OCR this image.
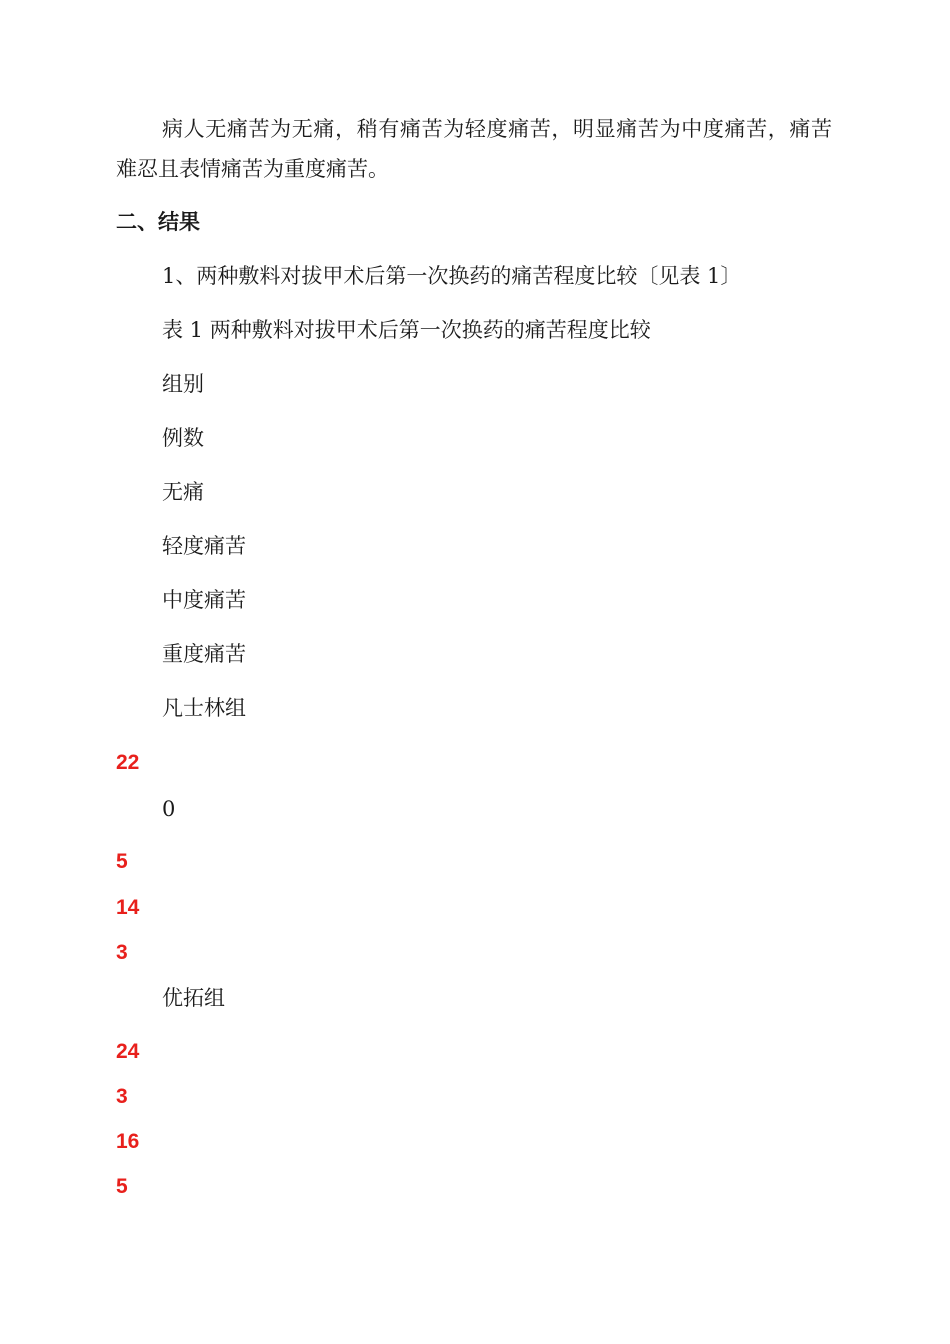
病人无痛苦为无痛，稍有痛苦为轻度痛苦，明显痛苦为中度痛苦，痛苦难忍且表情痛苦为重度痛苦。

二、结果
1、两种敷料对拔甲术后第一次换药的痛苦程度比较〔见表 1〕
表 1 两种敷料对拔甲术后第一次换药的痛苦程度比较
组别
例数
无痛
轻度痛苦
中度痛苦
重度痛苦
凡士林组
22
0
5
14
3
优拓组
24
3
16
5
